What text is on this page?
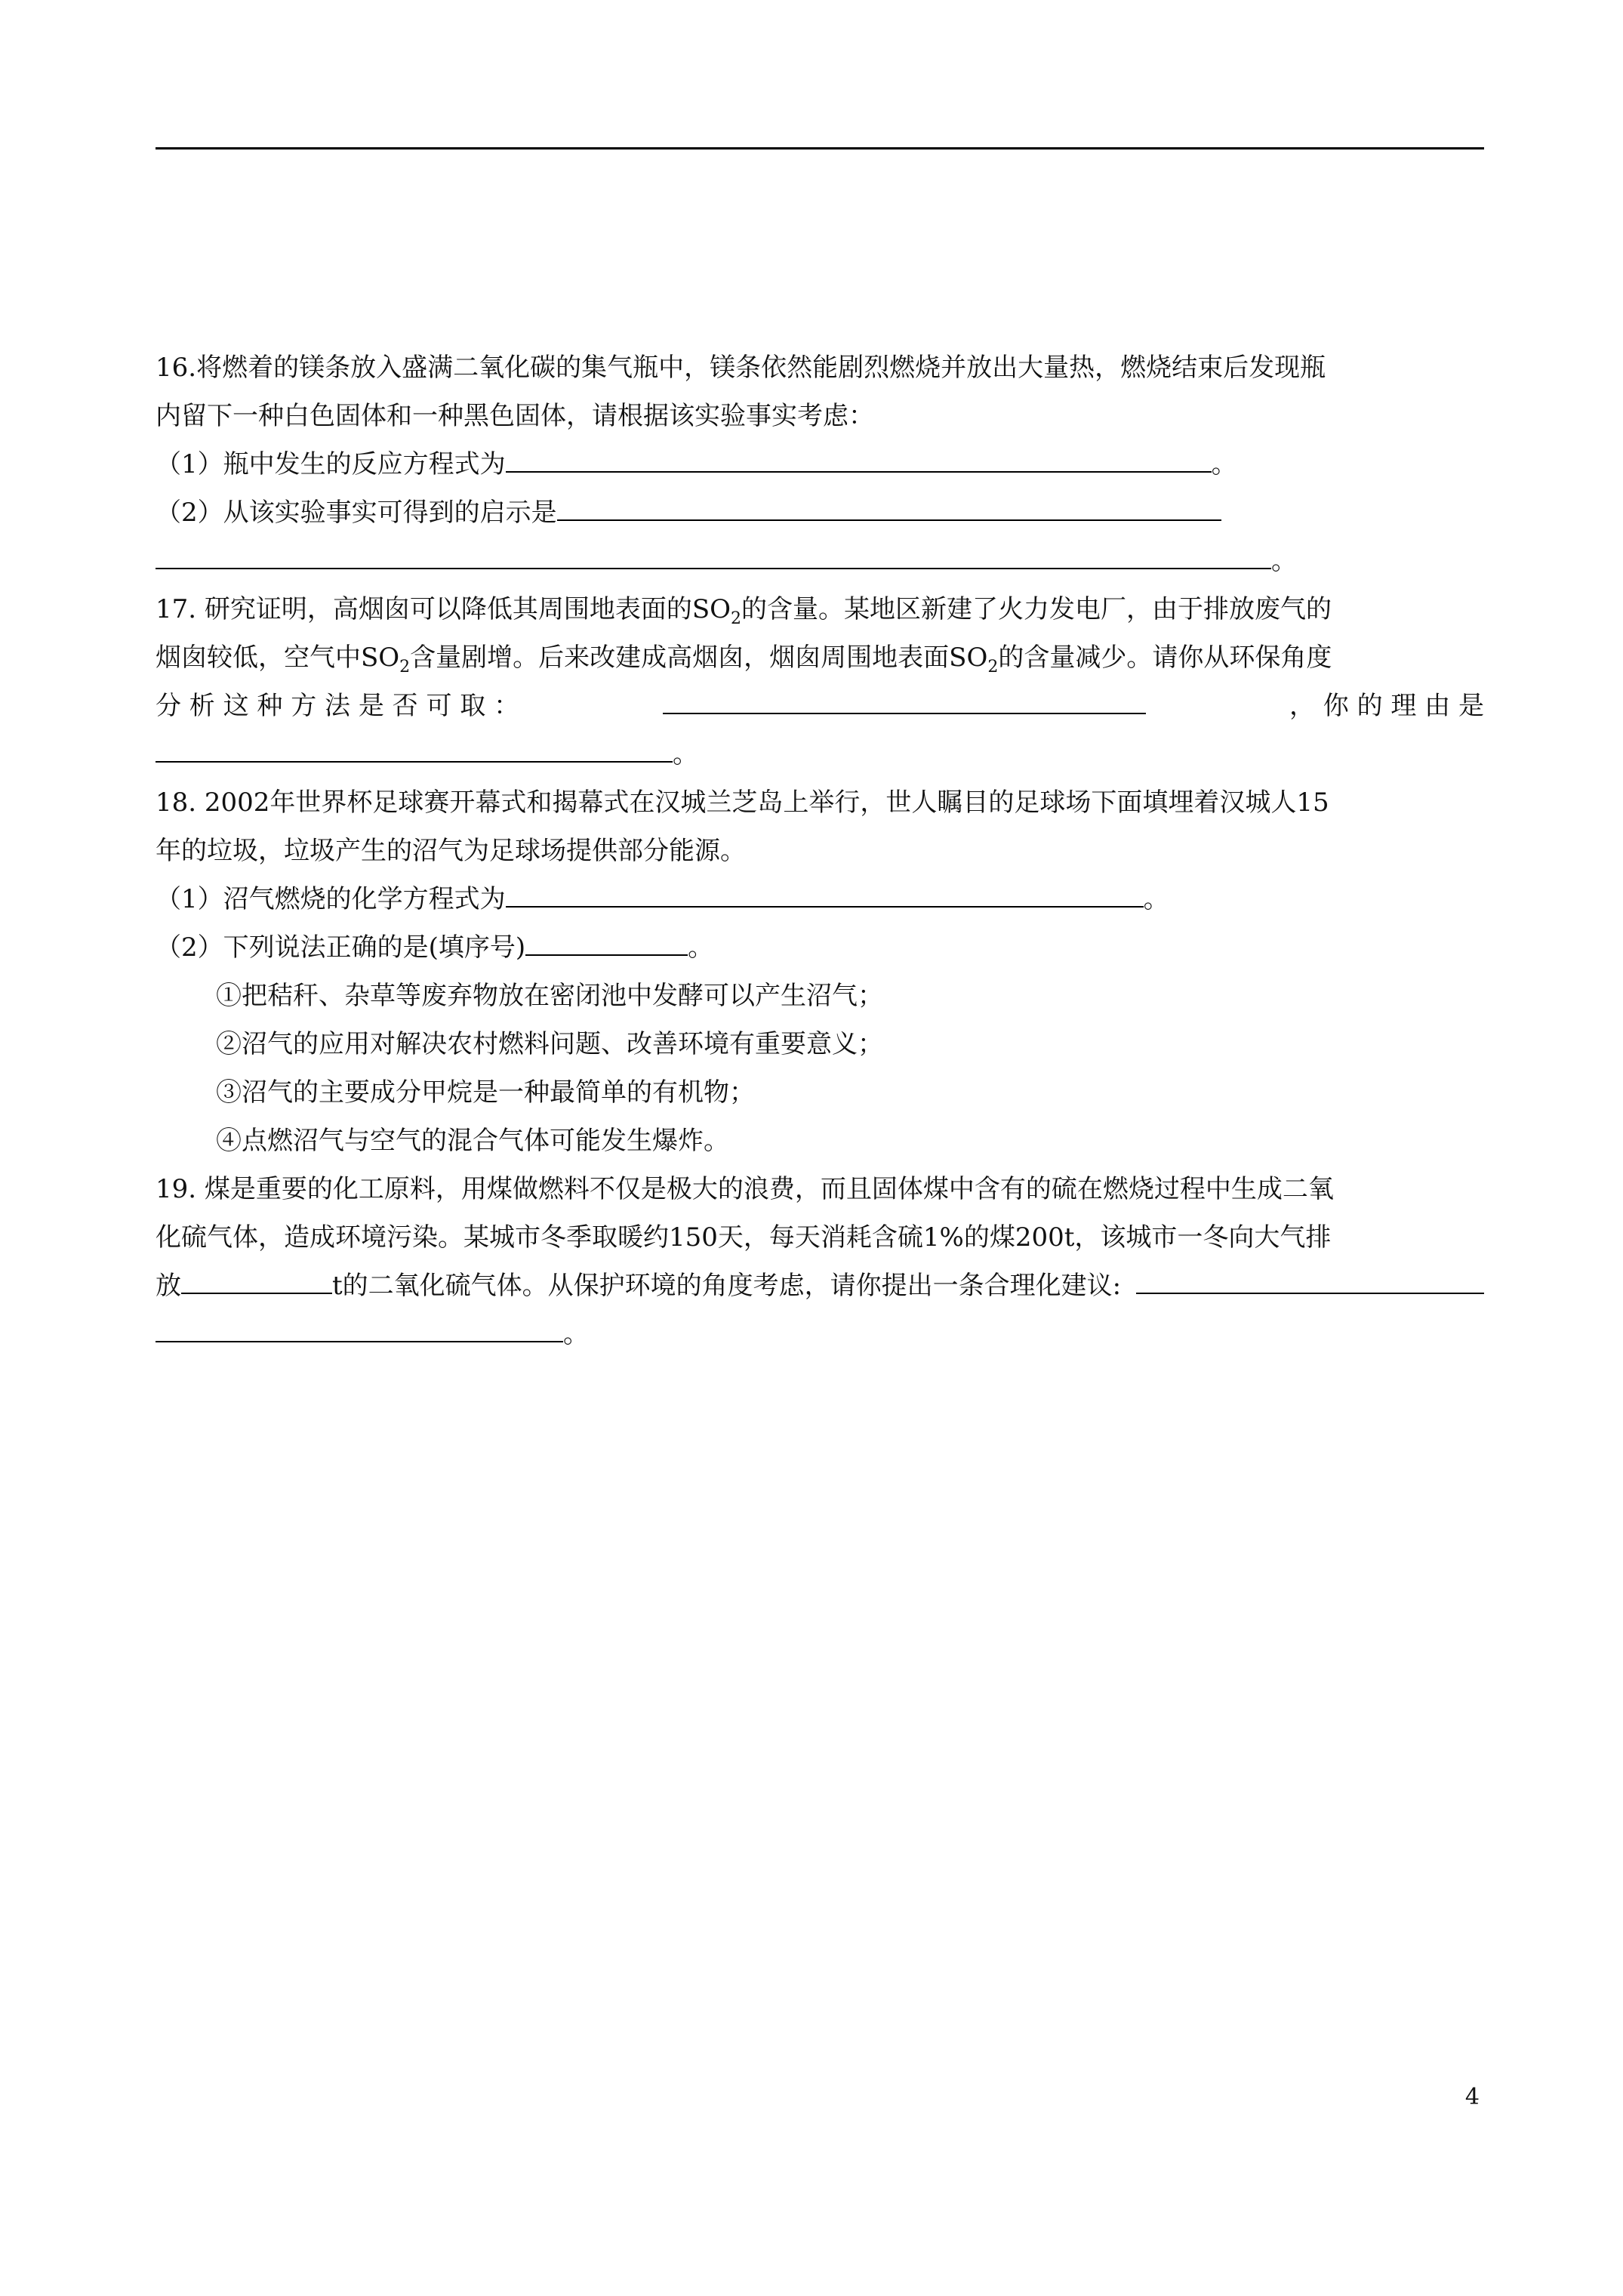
16.将燃着的镁条放入盛满二氧化碳的集气瓶中，镁条依然能剧烈燃烧并放出大量热，燃烧结束后发现瓶
内留下一种白色固体和一种黑色固体，请根据该实验事实考虑：
（1）瓶中发生的反应方程式为	。
（2）从该实验事实可得到的启示是
。
17. 研究证明，高烟囱可以降低其周围地表面的$SO_2$的含量。某地区新建了火力发电厂，由于排放废气的
烟囱较低，空气中$SO_2$含量剧增。后来改建成高烟囱，烟囱周围地表面$SO_2$的含量减少。请你从环保角度
分 析 这 种 方 法 是 否 可 取 ：	， 你 的 理 由 是
。
18. 2002年世界杯足球赛开幕式和揭幕式在汉城兰芝岛上举行，世人瞩目的足球场下面填埋着汉城人15
年的垃圾，垃圾产生的沼气为足球场提供部分能源。
（1）沼气燃烧的化学方程式为	。
（2）下列说法正确的是(填序号)	。
①把秸秆、杂草等废弃物放在密闭池中发酵可以产生沼气；
②沼气的应用对解决农村燃料问题、改善环境有重要意义；
③沼气的主要成分甲烷是一种最简单的有机物；
④点燃沼气与空气的混合气体可能发生爆炸。
19. 煤是重要的化工原料，用煤做燃料不仅是极大的浪费，而且固体煤中含有的硫在燃烧过程中生成二氧
化硫气体，造成环境污染。某城市冬季取暖约150天，每天消耗含硫1%的煤200t，该城市一冬向大气排
放	t的二氧化硫气体。从保护环境的角度考虑，请你提出一条合理化建议:
。
4
